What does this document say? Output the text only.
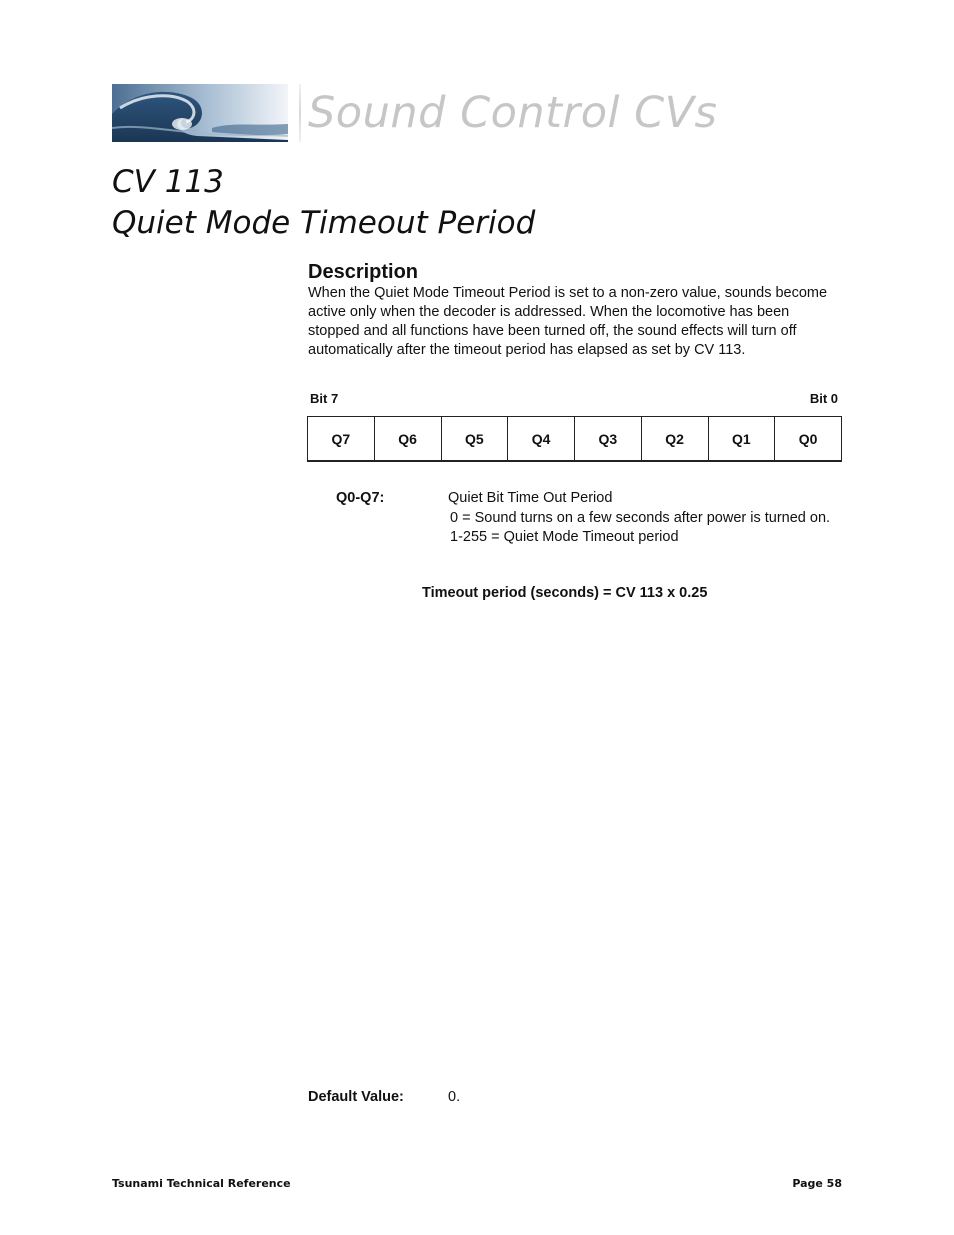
Sound Control CVs
CV 113
Quiet Mode Timeout Period
Description
When the Quiet Mode Timeout Period is set to a non-zero value, sounds become active only when the decoder is addressed. When the locomotive has been stopped and all functions have been turned off, the sound effects will turn off automatically after the timeout period has elapsed as set by CV 113.
Bit 7	Bit 0
Q7	Q6	Q5	Q4	Q3	Q2	Q1	Q0
Q0-Q7:	Quiet Bit Time Out Period
0 = Sound turns on a few seconds after power is turned on.
1-255 = Quiet Mode Timeout period
Timeout period (seconds) = CV 113 x 0.25
Default Value:	0.
Tsunami Technical Reference	Page 58
